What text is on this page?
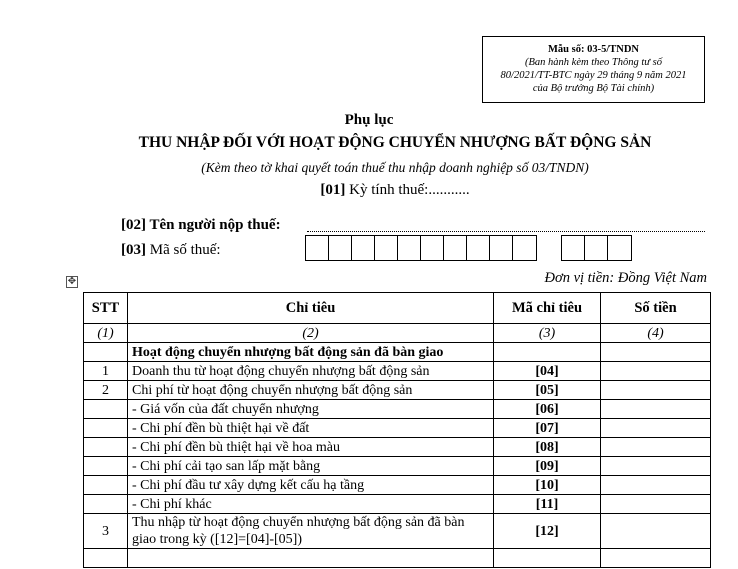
Mẫu số: 03-5/TNDN
(Ban hành kèm theo Thông tư số
80/2021/TT-BTC ngày 29 tháng 9 năm 2021
của Bộ trưởng Bộ Tài chính)
Phụ lục
THU NHẬP ĐỐI VỚI HOẠT ĐỘNG CHUYỂN NHƯỢNG BẤT ĐỘNG SẢN
(Kèm theo tờ khai quyết toán thuế thu nhập doanh nghiệp số 03/TNDN)
[01] Kỳ tính thuế:...........
[02] Tên người nộp thuế:
[03] Mã số thuế:
✥	Đơn vị tiền: Đồng Việt Nam
STT	Chỉ tiêu	Mã chỉ tiêu	Số tiền
(1)	(2)	(3)	(4)
	Hoạt động chuyển nhượng bất động sản đã bàn giao		
1	Doanh thu từ hoạt động chuyển nhượng bất động sản	[04]	
2	Chi phí từ hoạt động chuyển nhượng bất động sản	[05]	
	- Giá vốn của đất chuyển nhượng	[06]	
	- Chi phí đền bù thiệt hại về đất	[07]	
	- Chi phí đền bù thiệt hại về hoa màu	[08]	
	- Chi phí cải tạo san lấp mặt bằng	[09]	
	- Chi phí đầu tư xây dựng kết cấu hạ tầng	[10]	
	- Chi phí khác	[11]	
3	Thu nhập từ hoạt động chuyển nhượng bất động sản đã bàn giao trong kỳ ([12]=[04]-[05])	[12]	
